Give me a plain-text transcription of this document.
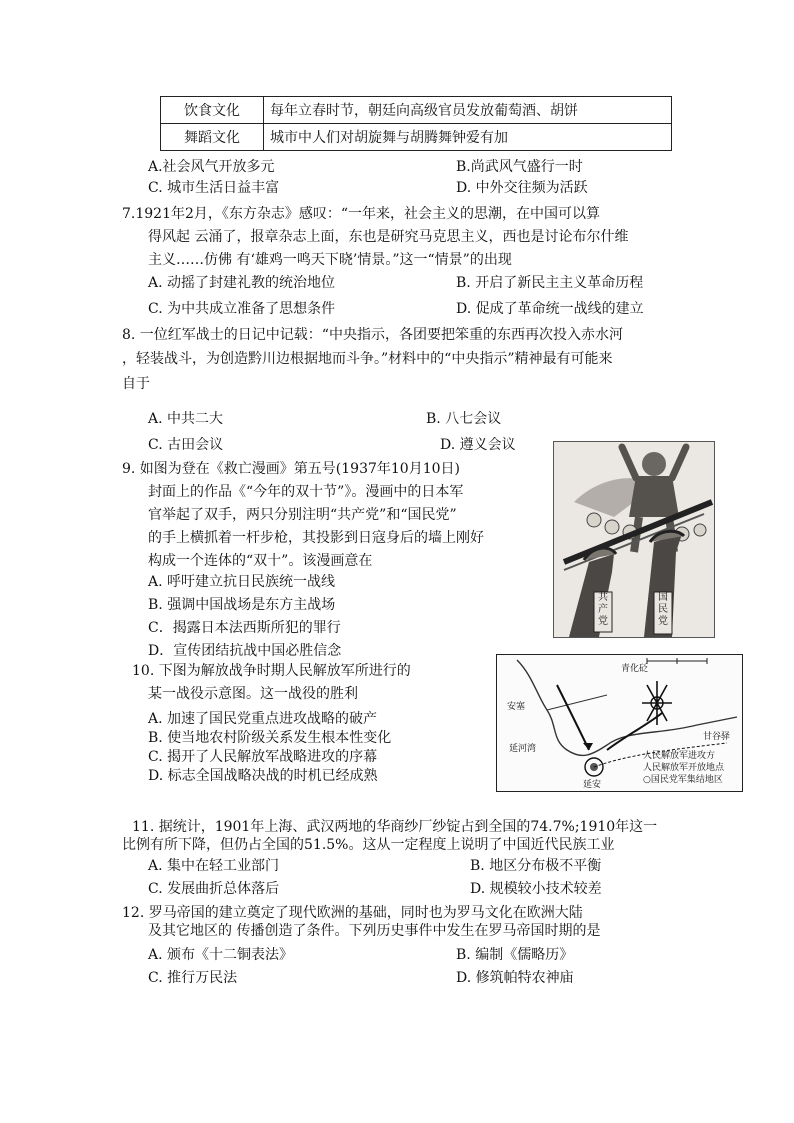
饮食文化	每年立春时节，朝廷向高级官员发放葡萄酒、胡饼
舞蹈文化	城市中人们对胡旋舞与胡腾舞钟爱有加
A.社会风气开放多元	B.尚武风气盛行一时
C. 城市生活日益丰富	D. 中外交往频为活跃
7.1921年2月，《东方杂志》感叹：“一年来，社会主义的思潮，在中国可以算
得风起 云涌了，报章杂志上面，东也是研究马克思主义，西也是讨论布尔什维
主义……仿佛 有‘雄鸡一鸣天下晓’情景。”这一“情景”的出现
A. 动摇了封建礼教的统治地位	B. 开启了新民主主义革命历程
C. 为中共成立准备了思想条件	D. 促成了革命统一战线的建立
8. 一位红军战士的日记中记载：“中央指示，各团要把笨重的东西再次投入赤水河
，轻装战斗，为创造黔川边根据地而斗争。”材料中的“中央指示”精神最有可能来
自于
A. 中共二大	B. 八七会议
C. 古田会议	D. 遵义会议
9. 如图为登在《救亡漫画》第五号(1937年10月10日)
封面上的作品《“今年的双十节”》。漫画中的日本军
官举起了双手，两只分别注明“共产党”和“国民党”
的手上横抓着一杆步枪，其投影到日寇身后的墙上刚好
构成一个连体的“双十”。该漫画意在
A. 呼吁建立抗日民族统一战线
B. 强调中国战场是东方主战场
C．揭露日本法西斯所犯的罪行
D．宣传团结抗战中国必胜信念
共产党
国民党
10. 下图为解放战争时期人民解放军所进行的
某一战役示意图。这一战役的胜利
A. 加速了国民党重点进攻战略的破产
B. 使当地农村阶级关系发生根本性变化
C. 揭开了人民解放军战略进攻的序幕
D. 标志全国战略决战的时机已经成熟
安塞
延河湾
青化砭
延安
甘谷驿
人民解放军进攻方
人民解放军开放地点
○国民党军集结地区
11. 据统计，1901年上海、武汉两地的华商纱厂纱锭占到全国的74.7%;1910年这一
比例有所下降，但仍占全国的51.5%。这从一定程度上说明了中国近代民族工业
A. 集中在轻工业部门	B. 地区分布极不平衡
C. 发展曲折总体落后	D. 规模较小技术较差
12. 罗马帝国的建立奠定了现代欧洲的基础，同时也为罗马文化在欧洲大陆
及其它地区的 传播创造了条件。下列历史事件中发生在罗马帝国时期的是
A. 颁布《十二铜表法》	B. 编制《儒略历》
C. 推行万民法	D. 修筑帕特农神庙
